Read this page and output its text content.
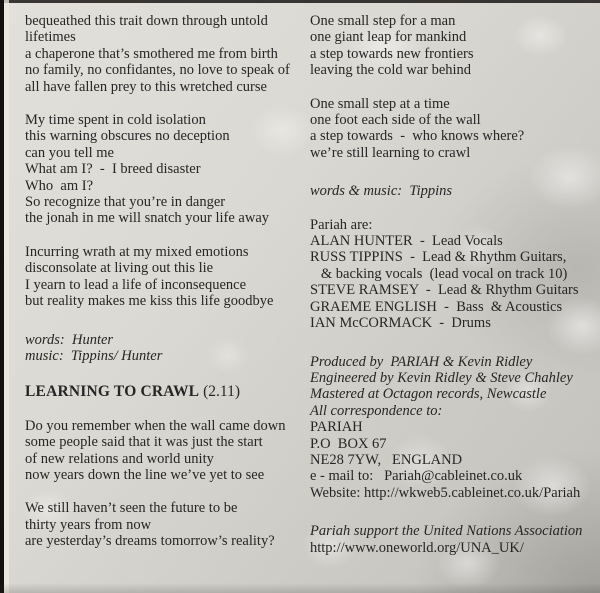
bequeathed this trait down through untold
lifetimes
a chaperone that’s smothered me from birth
no family, no confidantes, no love to speak of
all have fallen prey to this wretched curse
My time spent in cold isolation
this warning obscures no deception
can you tell me
What am I?  -  I breed disaster
Who  am I?
So recognize that you’re in danger
the jonah in me will snatch your life away
Incurring wrath at my mixed emotions
disconsolate at living out this lie
I yearn to lead a life of inconsequence
but reality makes me kiss this life goodbye
words:  Hunter
music:  Tippins/ Hunter
LEARNING TO CRAWL (2.11)
Do you remember when the wall came down
some people said that it was just the start
of new relations and world unity
now years down the line we’ve yet to see
We still haven’t seen the future to be
thirty years from now
are yesterday’s dreams tomorrow’s reality?
One small step for a man
one giant leap for mankind
a step towards new frontiers
leaving the cold war behind
One small step at a time
one foot each side of the wall
a step towards  -  who knows where?
we’re still learning to crawl
words & music:  Tippins
Pariah are:
ALAN HUNTER  -  Lead Vocals
RUSS TIPPINS  -  Lead & Rhythm Guitars,
& backing vocals  (lead vocal on track 10)
STEVE RAMSEY  -  Lead & Rhythm Guitars
GRAEME ENGLISH  -  Bass  & Acoustics
IAN McCORMACK  -  Drums
Produced by  PARIAH & Kevin Ridley
Engineered by Kevin Ridley & Steve Chahley
Mastered at Octagon records, Newcastle
All correspondence to:
PARIAH
P.O  BOX 67
NE28 7YW,   ENGLAND
e - mail to:   Pariah@cableinet.co.uk
Website: http://wkweb5.cableinet.co.uk/Pariah
Pariah support the United Nations Association
http://www.oneworld.org/UNA_UK/
